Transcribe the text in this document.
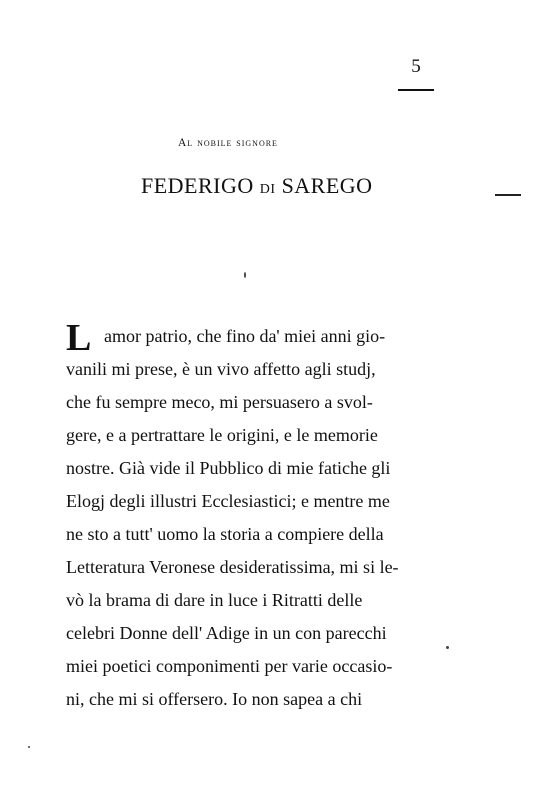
5
Al nobile signore
FEDERIGO DI SAREGO
L amor patrio, che fino da' miei anni gio-
vanili mi prese, è un vivo affetto agli studj,
che fu sempre meco, mi persuasero a svol-
gere, e a pertrattare le origini, e le memorie
nostre. Già vide il Pubblico di mie fatiche gli
Elogj degli illustri Ecclesiastici; e mentre me
ne sto a tutt' uomo la storia a compiere della
Letteratura Veronese desideratissima, mi si le-
vò la brama di dare in luce i Ritratti delle
celebri Donne dell' Adige in un con parecchi
miei poetici componimenti per varie occasio-
ni, che mi si offersero. Io non sapea a chi
